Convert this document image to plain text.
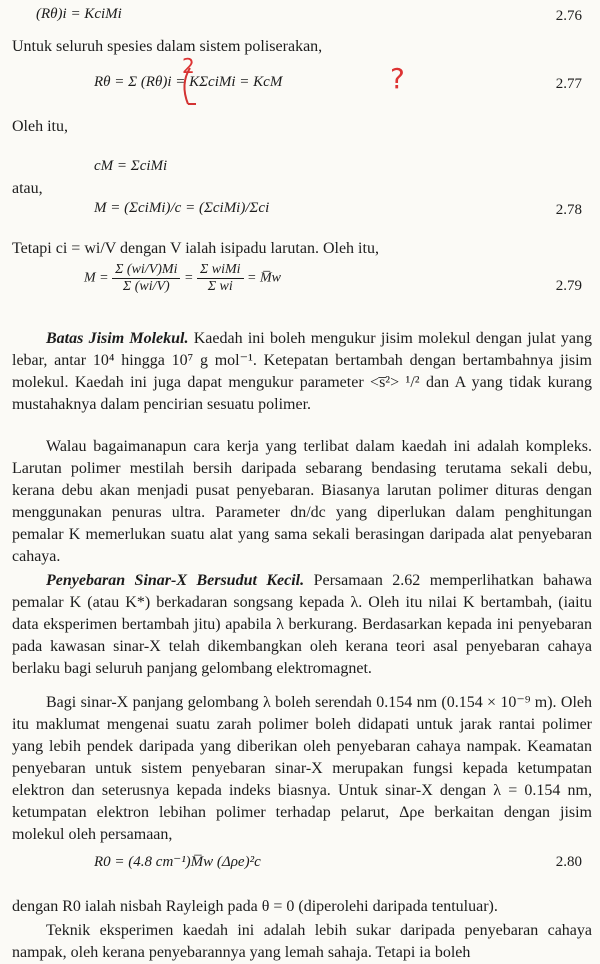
(Rθ)i = KciMi	2.76
Untuk seluruh spesies dalam sistem poliserakan,
Rθ = Σ (Rθ)i = KΣciMi = KcM	2.77
2	?
Oleh itu,
cM = ΣciMi
atau,
M = (ΣciMi)/c = (ΣciMi)/Σci	2.78
Tetapi ci = wi/V dengan V ialah isipadu larutan. Oleh itu,
$M = \frac{\Sigma (wi/V)Mi}{\Sigma (wi/V)} = \frac{\text{Σ wiMi}}{\text{Σ wi}}$ = M̅w	2.79
Batas Jisim Molekul. Kaedah ini boleh mengukur jisim molekul dengan julat yang lebar, antar 10⁴ hingga 10⁷ g mol⁻¹. Ketepatan bertambah dengan bertambahnya jisim molekul. Kaedah ini juga dapat mengukur parameter <s̅²> ¹/² dan A yang tidak kurang mustahaknya dalam pencirian sesuatu polimer.
Walau bagaimanapun cara kerja yang terlibat dalam kaedah ini adalah kompleks. Larutan polimer mestilah bersih daripada sebarang bendasing terutama sekali debu, kerana debu akan menjadi pusat penyebaran. Biasanya larutan polimer dituras dengan menggunakan penuras ultra. Parameter dn/dc yang diperlukan dalam penghitungan pemalar K memerlukan suatu alat yang sama sekali berasingan daripada alat penyebaran cahaya.
Penyebaran Sinar-X Bersudut Kecil. Persamaan 2.62 memperlihatkan bahawa pemalar K (atau K*) berkadaran songsang kepada λ. Oleh itu nilai K bertambah, (iaitu data eksperimen bertambah jitu) apabila λ berkurang. Berdasarkan kepada ini penyebaran pada kawasan sinar-X telah dikembangkan oleh kerana teori asal penyebaran cahaya berlaku bagi seluruh panjang gelombang elektromagnet.
Bagi sinar-X panjang gelombang λ boleh serendah 0.154 nm (0.154 × 10⁻⁹ m). Oleh itu maklumat mengenai suatu zarah polimer boleh didapati untuk jarak rantai polimer yang lebih pendek daripada yang diberikan oleh penyebaran cahaya nampak. Keamatan penyebaran untuk sistem penyebaran sinar-X merupakan fungsi kepada ketumpatan elektron dan seterusnya kepada indeks biasnya. Untuk sinar-X dengan λ = 0.154 nm, ketumpatan elektron lebihan polimer terhadap pelarut, Δρe berkaitan dengan jisim molekul oleh persamaan,
R0 = (4.8 cm⁻¹)M̅w (Δρe)²c	2.80
dengan R0 ialah nisbah Rayleigh pada θ = 0 (diperolehi daripada tentuluar).
Teknik eksperimen kaedah ini adalah lebih sukar daripada penyebaran cahaya nampak, oleh kerana penyebarannya yang lemah sahaja. Tetapi ia boleh
